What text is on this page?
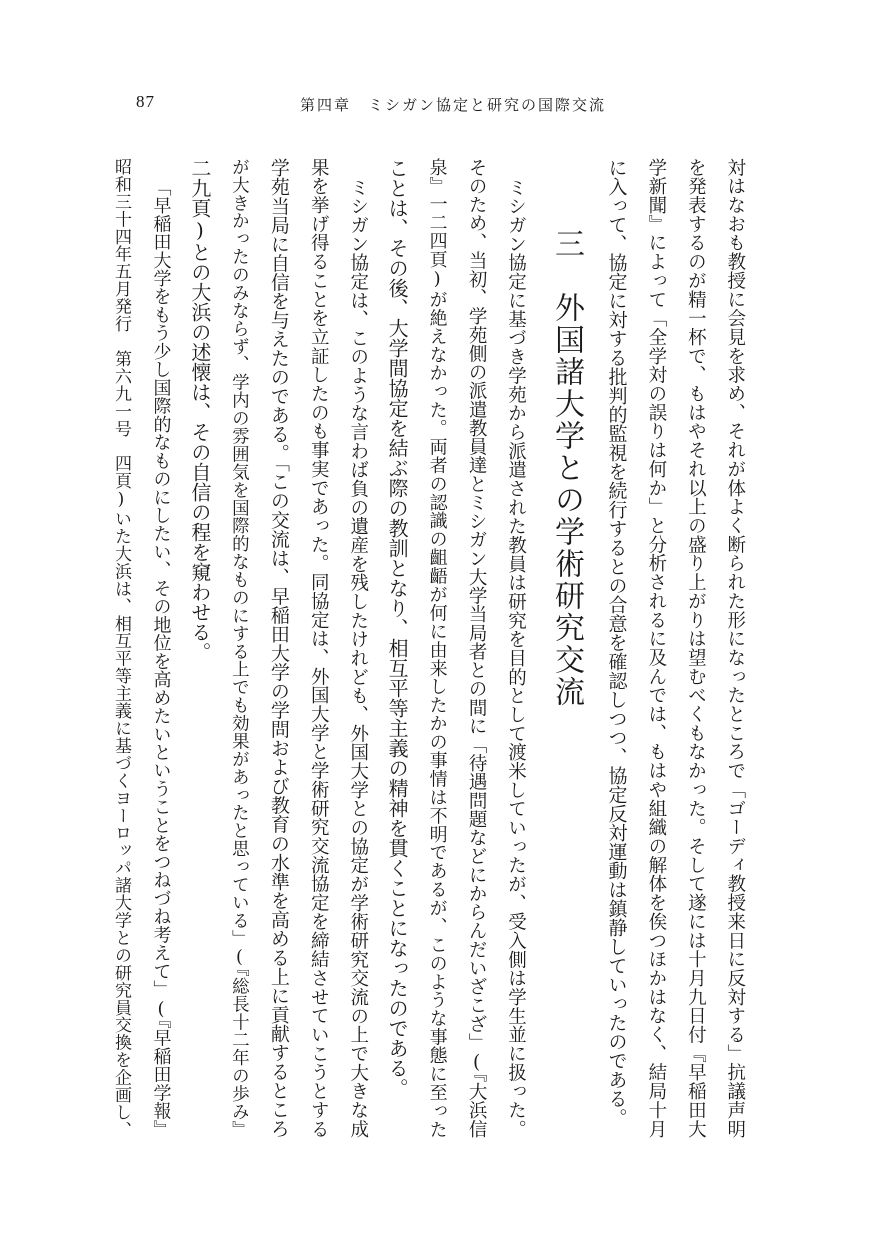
87	第四章　ミシガン協定と研究の国際交流
対はなおも教授に会見を求め、それが体よく断られた形になったところで「ゴーディ教授来日に反対する」抗議声明
を発表するのが精一杯で、もはやそれ以上の盛り上がりは望むべくもなかった。そして遂には十月九日付『早稲田大
学新聞』によって「全学対の誤りは何か」と分析されるに及んでは、もはや組織の解体を俟つほかはなく、結局十月
に入って、協定に対する批判的監視を続行するとの合意を確認しつつ、協定反対運動は鎮静していったのである。
三　外国諸大学との学術研究交流
ミシガン協定に基づき学苑から派遣された教員は研究を目的として渡米していったが、受入側は学生並に扱った。
そのため、当初、学苑側の派遣教員達とミシガン大学当局者との間に「待遇問題などにからんだいざこざ」(『大浜信
泉』一二四頁)が絶えなかった。両者の認識の齟齬が何に由来したかの事情は不明であるが、このような事態に至った
ことは、その後、大学間協定を結ぶ際の教訓となり、相互平等主義の精神を貫くことになったのである。
ミシガン協定は、このような言わば負の遺産を残したけれども、外国大学との協定が学術研究交流の上で大きな成
果を挙げ得ることを立証したのも事実であった。同協定は、外国大学と学術研究交流協定を締結させていこうとする
学苑当局に自信を与えたのである。「この交流は、早稲田大学の学問および教育の水準を高める上に貢献するところ
が大きかったのみならず、学内の雰囲気を国際的なものにする上でも効果があったと思っている」(『総長十二年の歩み』
二九頁)との大浜の述懐は、その自信の程を窺わせる。
「早稲田大学をもう少し国際的なものにしたい、その地位を高めたいということをつねづね考えて」(『早稲田学報』
昭和三十四年五月発行　第六九一号　四頁)いた大浜は、相互平等主義に基づくヨーロッパ諸大学との研究員交換を企画し、
